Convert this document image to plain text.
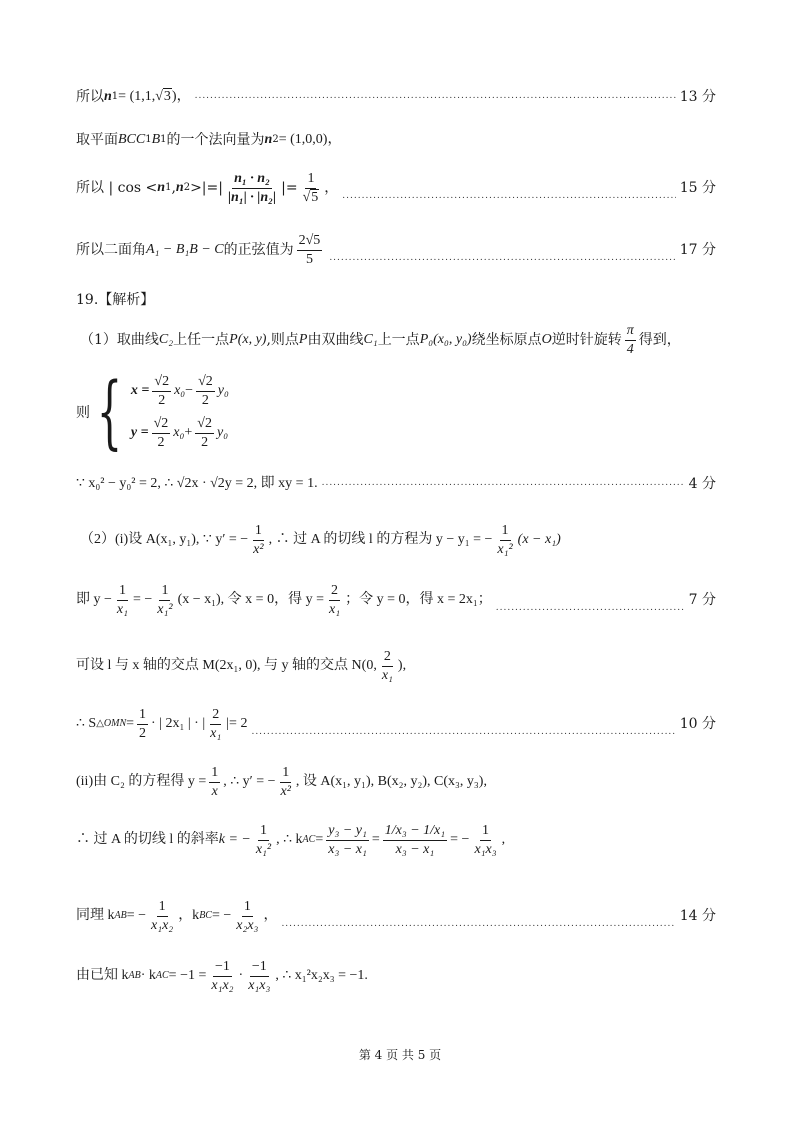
所以 n 1 = (1,1, √ 3 )， .....	13 分
取平面 BCC 1 B 1 的一个法向量为 n 2 = (1,0,0)，
所以 | cos < n 1 , n 2 >|=| $\frac{\text{n₁ · n₂}}{\text{|n₁| · |n₂|}}$ |= $\frac{1}{√5}$ ，
.....	15 分
所以二面角 A₁ − B₁B − C 的正弦值为 $\frac{2√5}{5}$
.....	17 分
19.【解析】
（1）取曲线 C₂ 上任一点 P(x, y) ,则点 P 由双曲线 C₁ 上一点 P₀(x₀, y₀) 绕坐标原点 O 逆时针旋转 $\frac{\pi}{4}$ 得到，
则 { $x = \frac{√2}{2} x_0 - \frac{√2}{2} y_0$
$y = \frac{√2}{2} x_0 + \frac{√2}{2} y_0$
∵ x₀² − y₀² = 2, ∴ √2x · √2y = 2, 即 xy = 1. .....	4 分
（2）(i)设 A(x₁, y₁), ∵ y′ = − $\frac{1}{\text{x²}}$ , ∴ 过 A 的切线 l 的方程为 y − y₁ = − $\frac{1}{\text{x₁²}} (x - x_1)$
即 $y - \frac{1}{\text{x₁}}$ = − $\frac{1}{\text{x₁²}} (x - x_1)$, 令 x = 0，得 $y = \frac{2}{\text{x₁}}$ ；令 y = 0，得 x = 2x₁；
.....	7 分
可设 l 与 x 轴的交点 M(2x₁, 0), 与 y 轴的交点 N(0, $\frac{2}{\text{x₁}}$ ),
∴ S △OMN = $\frac{1}{2}$ · | 2x₁ | · | $\frac{2}{\text{x₁}}$ |= 2
.....	10 分
(ii)由 C₂ 的方程得 $y = \frac{1}{x}$ , ∴ y′ = − $\frac{1}{\text{x²}}$ , 设 A(x₁, y₁), B(x₂, y₂), C(x₃, y₃),
∴ 过 A 的切线 l 的斜率 k = − $\frac{1}{\text{x₁²}}$ , ∴ k AC = $\frac{\text{y₃ − y₁}}{\text{x₃ − x₁}} = \frac{\text{1/x₃ − 1/x₁}}{\text{x₃ − x₁}}$ = − $\frac{1}{\text{x₁x₃}}$ ,
同理 k AB = − $\frac{1}{\text{x₁x₂}}$ ，k BC = − $\frac{1}{\text{x₂x₃}}$ ，
.....	14 分
由已知 k AB · k AC = $-1 = \frac{-1}{\text{x₁x₂}} \cdot \frac{-1}{\text{x₁x₃}}$ , ∴ x₁²x₂x₃ = −1.
第 4 页 共 5 页
